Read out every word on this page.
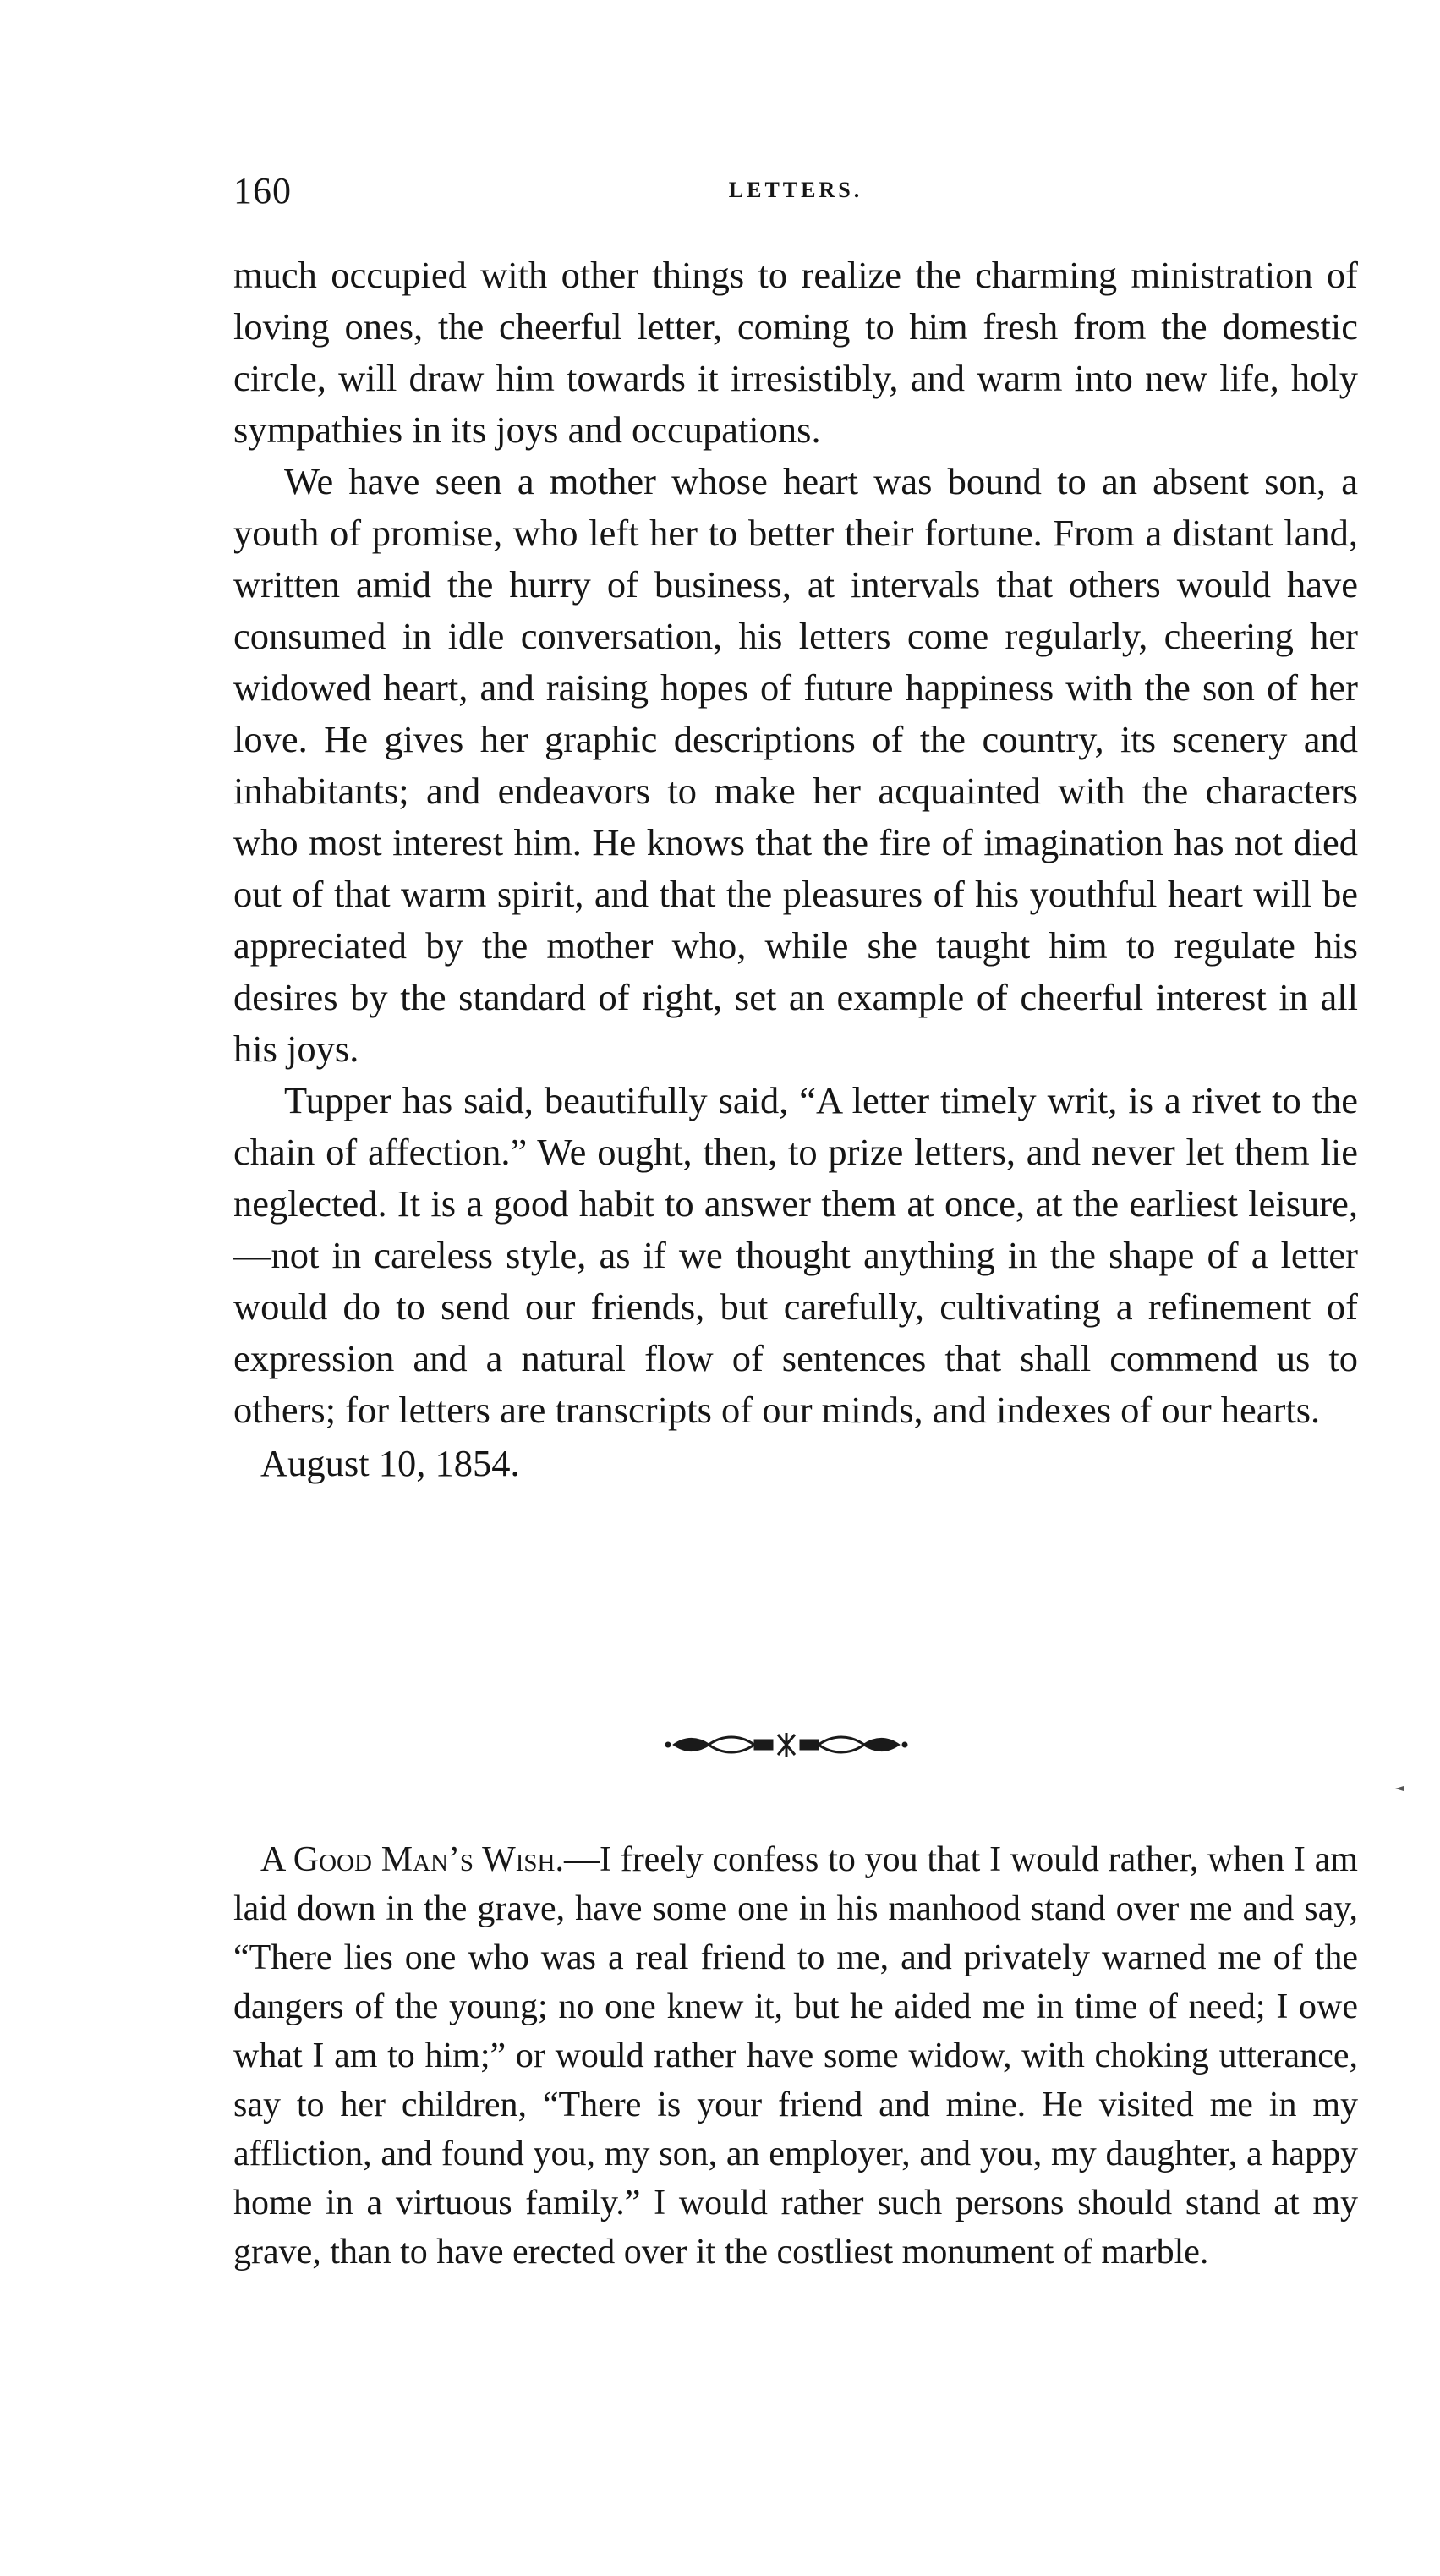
160	LETTERS.

much occupied with other things to realize the charming ministration of loving ones, the cheerful letter, coming to him fresh from the domestic circle, will draw him towards it irresistibly, and warm into new life, holy sympathies in its joys and occupations.

We have seen a mother whose heart was bound to an absent son, a youth of promise, who left her to better their fortune. From a distant land, written amid the hurry of business, at intervals that others would have consumed in idle conversation, his letters come regularly, cheering her widowed heart, and raising hopes of future happiness with the son of her love. He gives her graphic descriptions of the country, its scenery and inhabitants; and endeavors to make her acquainted with the characters who most interest him. He knows that the fire of imagination has not died out of that warm spirit, and that the pleasures of his youthful heart will be appreciated by the mother who, while she taught him to regulate his desires by the standard of right, set an example of cheerful interest in all his joys.

Tupper has said, beautifully said, “A letter timely writ, is a rivet to the chain of affection.” We ought, then, to prize letters, and never let them lie neglected. It is a good habit to answer them at once, at the earliest leisure,—not in careless style, as if we thought anything in the shape of a letter would do to send our friends, but carefully, cultivating a refinement of expression and a natural flow of sentences that shall commend us to others; for letters are transcripts of our minds, and indexes of our hearts.

August 10, 1854.

A Good Man’s Wish.—I freely confess to you that I would rather, when I am laid down in the grave, have some one in his manhood stand over me and say, “There lies one who was a real friend to me, and privately warned me of the dangers of the young; no one knew it, but he aided me in time of need; I owe what I am to him;” or would rather have some widow, with choking utterance, say to her children, “There is your friend and mine. He visited me in my affliction, and found you, my son, an employer, and you, my daughter, a happy home in a virtuous family.” I would rather such persons should stand at my grave, than to have erected over it the costliest monument of marble.
